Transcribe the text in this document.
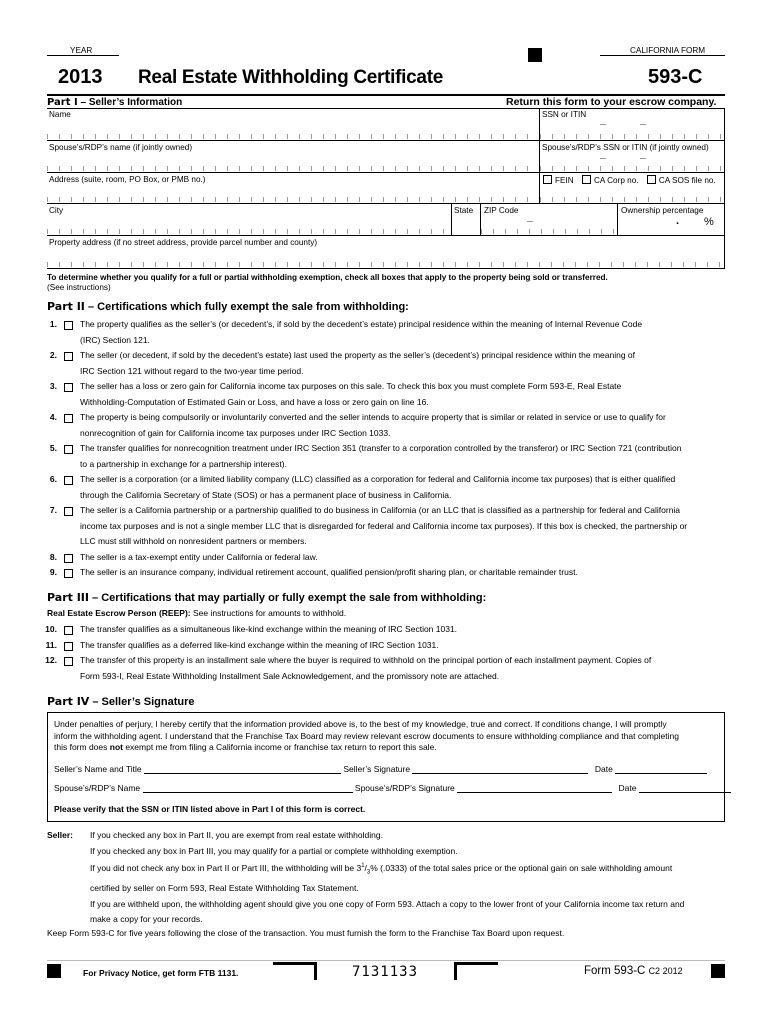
YEAR	CALIFORNIA FORM
2013 Real Estate Withholding Certificate	593-C
Part I – Seller’s Information	Return this form to your escrow company.
Name	SSN or ITIN
Spouse’s/RDP’s name (if jointly owned)	Spouse’s/RDP’s SSN or ITIN (if jointly owned)
Address (suite, room, PO Box, or PMB no.)	FEIN CA Corp no. CA SOS file no.
City	State ZIP Code	Ownership percentage
. %
Property address (if no street address, provide parcel number and county)
To determine whether you qualify for a full or partial withholding exemption, check all boxes that apply to the property being sold or transferred.
(See instructions)
Part II – Certifications which fully exempt the sale from withholding:
1.	The property qualifies as the seller’s (or decedent’s, if sold by the decedent’s estate) principal residence within the meaning of Internal Revenue Code
(IRC) Section 121.
2.	The seller (or decedent, if sold by the decedent’s estate) last used the property as the seller’s (decedent’s) principal residence within the meaning of
IRC Section 121 without regard to the two-year time period.
3.	The seller has a loss or zero gain for California income tax purposes on this sale. To check this box you must complete Form 593-E, Real Estate
Withholding-Computation of Estimated Gain or Loss, and have a loss or zero gain on line 16.
4.	The property is being compulsorily or involuntarily converted and the seller intends to acquire property that is similar or related in service or use to qualify for
nonrecognition of gain for California income tax purposes under IRC Section 1033.
5.	The transfer qualifies for nonrecognition treatment under IRC Section 351 (transfer to a corporation controlled by the transferor) or IRC Section 721 (contribution
to a partnership in exchange for a partnership interest).
6.	The seller is a corporation (or a limited liability company (LLC) classified as a corporation for federal and California income tax purposes) that is either qualified
through the California Secretary of State (SOS) or has a permanent place of business in California.
7.	The seller is a California partnership or a partnership qualified to do business in California (or an LLC that is classified as a partnership for federal and California
income tax purposes and is not a single member LLC that is disregarded for federal and California income tax purposes). If this box is checked, the partnership or
LLC must still withhold on nonresident partners or members.
8.	The seller is a tax-exempt entity under California or federal law.
9.	The seller is an insurance company, individual retirement account, qualified pension/profit sharing plan, or charitable remainder trust.
Part III – Certifications that may partially or fully exempt the sale from withholding:
Real Estate Escrow Person (REEP): See instructions for amounts to withhold.
10.	The transfer qualifies as a simultaneous like-kind exchange within the meaning of IRC Section 1031.
11.	The transfer qualifies as a deferred like-kind exchange within the meaning of IRC Section 1031.
12.	The transfer of this property is an installment sale where the buyer is required to withhold on the principal portion of each installment payment. Copies of
Form 593-I, Real Estate Withholding Installment Sale Acknowledgement, and the promissory note are attached.
Part IV – Seller’s Signature
Under penalties of perjury, I hereby certify that the information provided above is, to the best of my knowledge, true and correct. If conditions change, I will promptly
inform the withholding agent. I understand that the Franchise Tax Board may review relevant escrow documents to ensure withholding compliance and that completing
this form does not exempt me from filing a California income or franchise tax return to report this sale.
Seller’s Name and Title	Seller’s Signature	Date
Spouse’s/RDP’s Name	Spouse’s/RDP’s Signature	Date
Please verify that the SSN or ITIN listed above in Part I of this form is correct.
Seller: If you checked any box in Part II, you are exempt from real estate withholding.
If you checked any box in Part III, you may qualify for a partial or complete withholding exemption.
If you did not check any box in Part II or Part III, the withholding will be $3^1/_3\%$ (.0333) of the total sales price or the optional gain on sale withholding amount
certified by seller on Form 593, Real Estate Withholding Tax Statement.
If you are withheld upon, the withholding agent should give you one copy of Form 593. Attach a copy to the lower front of your California income tax return and
make a copy for your records.
Keep Form 593-C for five years following the close of the transaction. You must furnish the form to the Franchise Tax Board upon request.
For Privacy Notice, get form FTB 1131.	7131133	Form 593-C C2 2012
